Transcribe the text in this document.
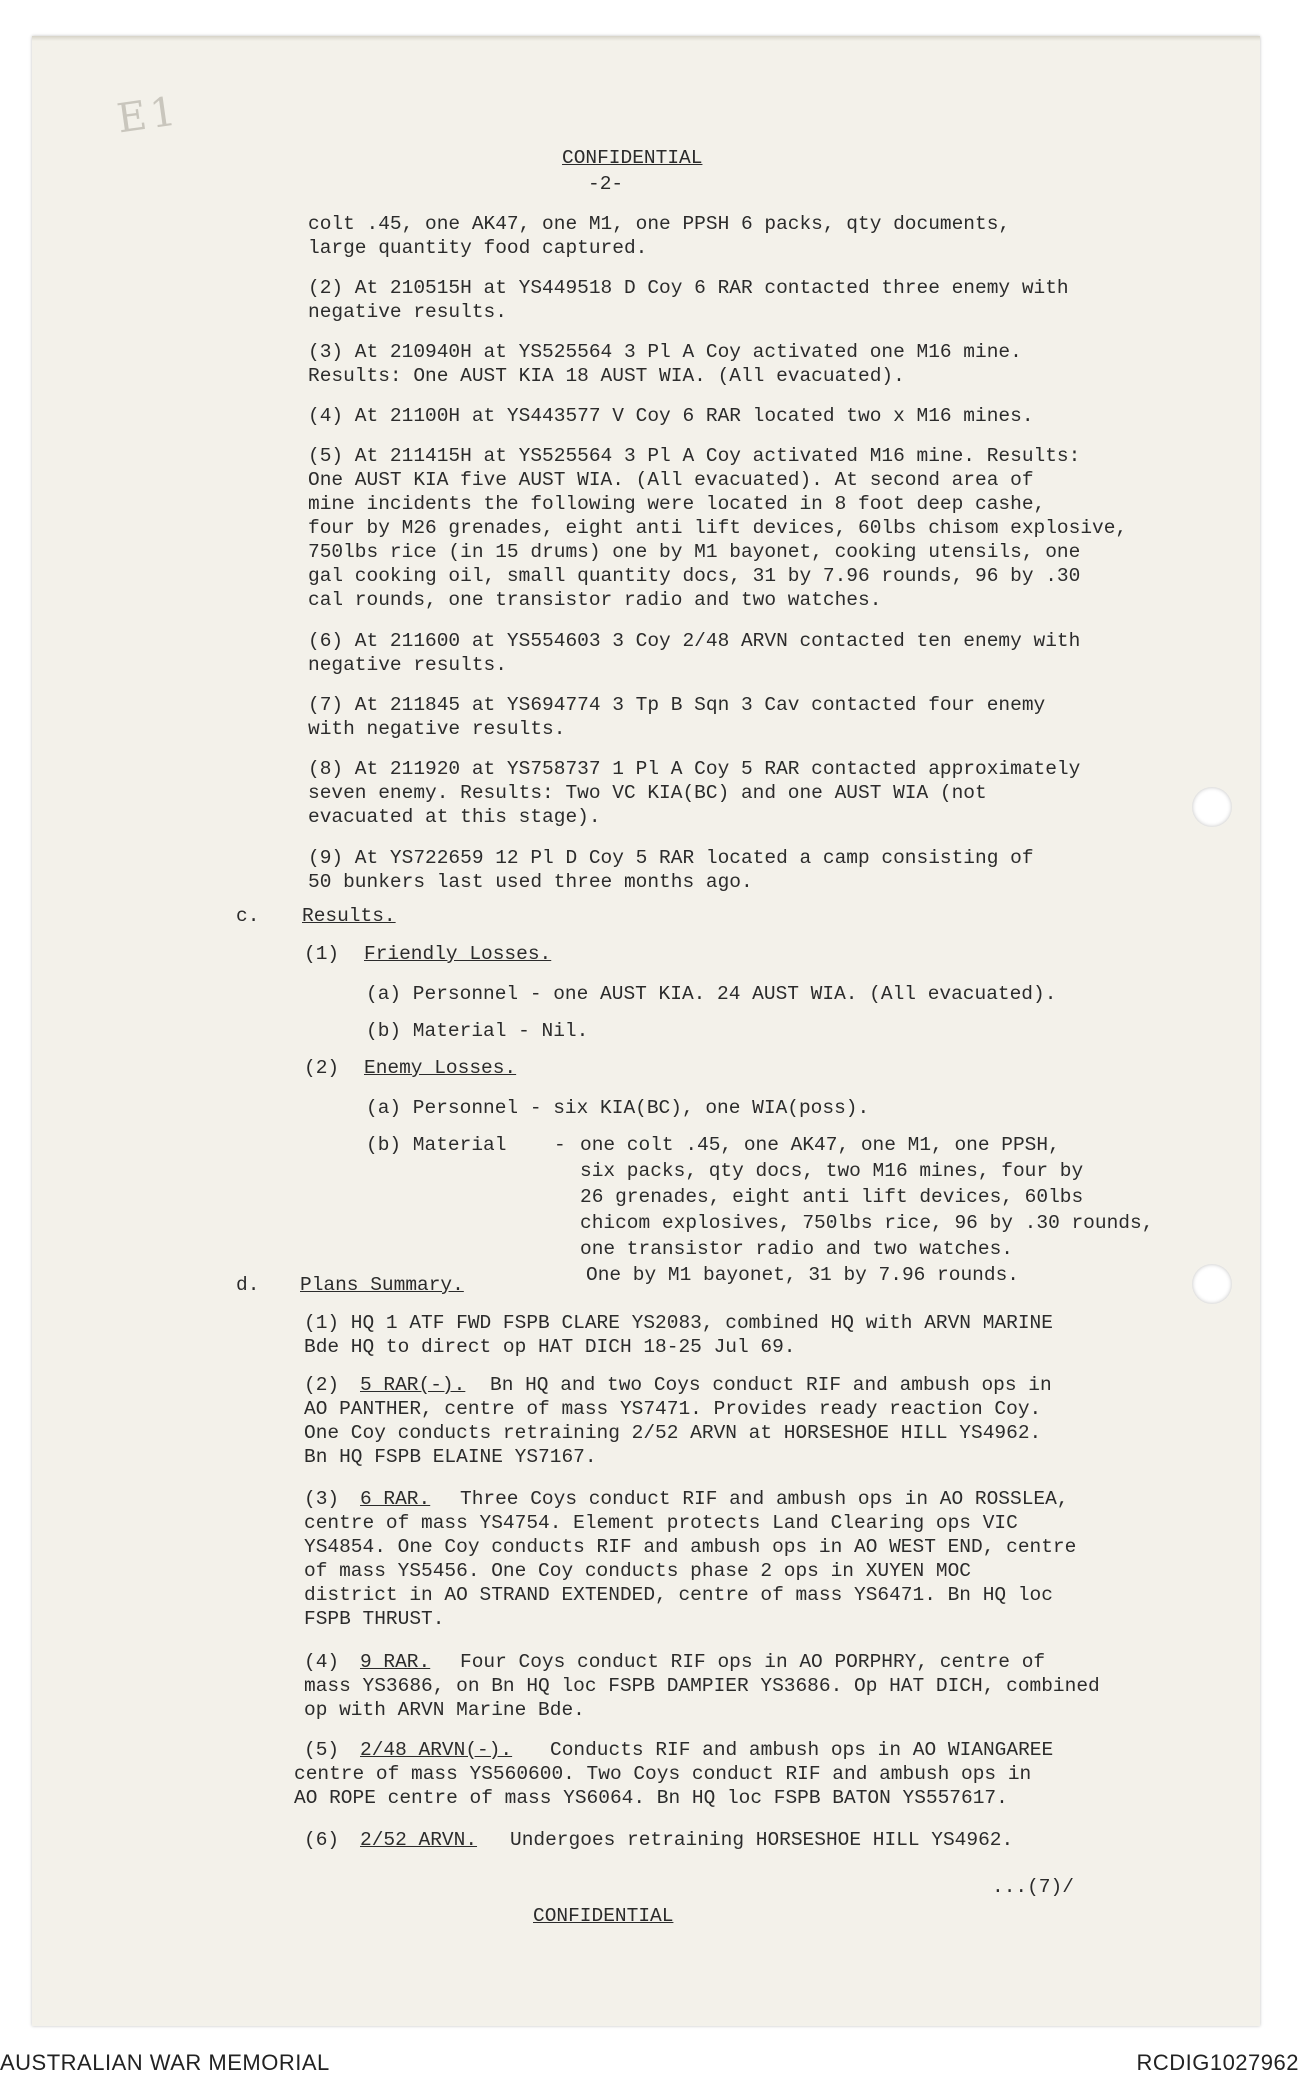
E1
CONFIDENTIAL
-2-
colt .45, one AK47, one M1, one PPSH 6 packs, qty documents,
large quantity food captured.
(2) At 210515H at YS449518 D Coy 6 RAR contacted three enemy with
negative results.
(3) At 210940H at YS525564 3 Pl A Coy activated one M16 mine.
Results: One AUST KIA 18 AUST WIA. (All evacuated).
(4) At 21100H at YS443577 V Coy 6 RAR located two x M16 mines.
(5) At 211415H at YS525564 3 Pl A Coy activated M16 mine. Results:
One AUST KIA five AUST WIA. (All evacuated). At second area of
mine incidents the following were located in 8 foot deep cashe,
four by M26 grenades, eight anti lift devices, 60lbs chisom explosive,
750lbs rice (in 15 drums) one by M1 bayonet, cooking utensils, one
gal cooking oil, small quantity docs, 31 by 7.96 rounds, 96 by .30
cal rounds, one transistor radio and two watches.
(6) At 211600 at YS554603 3 Coy 2/48 ARVN contacted ten enemy with
negative results.
(7) At 211845 at YS694774 3 Tp B Sqn 3 Cav contacted four enemy
with negative results.
(8) At 211920 at YS758737 1 Pl A Coy 5 RAR contacted approximately
seven enemy. Results: Two VC KIA(BC) and one AUST WIA (not
evacuated at this stage).
(9) At YS722659 12 Pl D Coy 5 RAR located a camp consisting of
50 bunkers last used three months ago.
c. Results.
(1) Friendly Losses.
(a) Personnel - one AUST KIA. 24 AUST WIA. (All evacuated).
(b) Material - Nil.
(2) Enemy Losses.
(a) Personnel - six KIA(BC), one WIA(poss).
(b) Material - one colt .45, one AK47, one M1, one PPSH,
six packs, qty docs, two M16 mines, four by
26 grenades, eight anti lift devices, 60lbs
chicom explosives, 750lbs rice, 96 by .30 rounds,
one transistor radio and two watches.
One by M1 bayonet, 31 by 7.96 rounds.
d. Plans Summary.
(1) HQ 1 ATF FWD FSPB CLARE YS2083, combined HQ with ARVN MARINE
Bde HQ to direct op HAT DICH 18-25 Jul 69.
(2) 5 RAR(-). Bn HQ and two Coys conduct RIF and ambush ops in
AO PANTHER, centre of mass YS7471. Provides ready reaction Coy.
One Coy conducts retraining 2/52 ARVN at HORSESHOE HILL YS4962.
Bn HQ FSPB ELAINE YS7167.
(3) 6 RAR. Three Coys conduct RIF and ambush ops in AO ROSSLEA,
centre of mass YS4754. Element protects Land Clearing ops VIC
YS4854. One Coy conducts RIF and ambush ops in AO WEST END, centre
of mass YS5456. One Coy conducts phase 2 ops in XUYEN MOC
district in AO STRAND EXTENDED, centre of mass YS6471. Bn HQ loc
FSPB THRUST.
(4) 9 RAR. Four Coys conduct RIF ops in AO PORPHRY, centre of
mass YS3686, on Bn HQ loc FSPB DAMPIER YS3686. Op HAT DICH, combined
op with ARVN Marine Bde.
(5) 2/48 ARVN(-). Conducts RIF and ambush ops in AO WIANGAREE
centre of mass YS560600. Two Coys conduct RIF and ambush ops in
AO ROPE centre of mass YS6064. Bn HQ loc FSPB BATON YS557617.
(6) 2/52 ARVN. Undergoes retraining HORSESHOE HILL YS4962.
...(7)/
CONFIDENTIAL
AUSTRALIAN WAR MEMORIAL	RCDIG1027962
